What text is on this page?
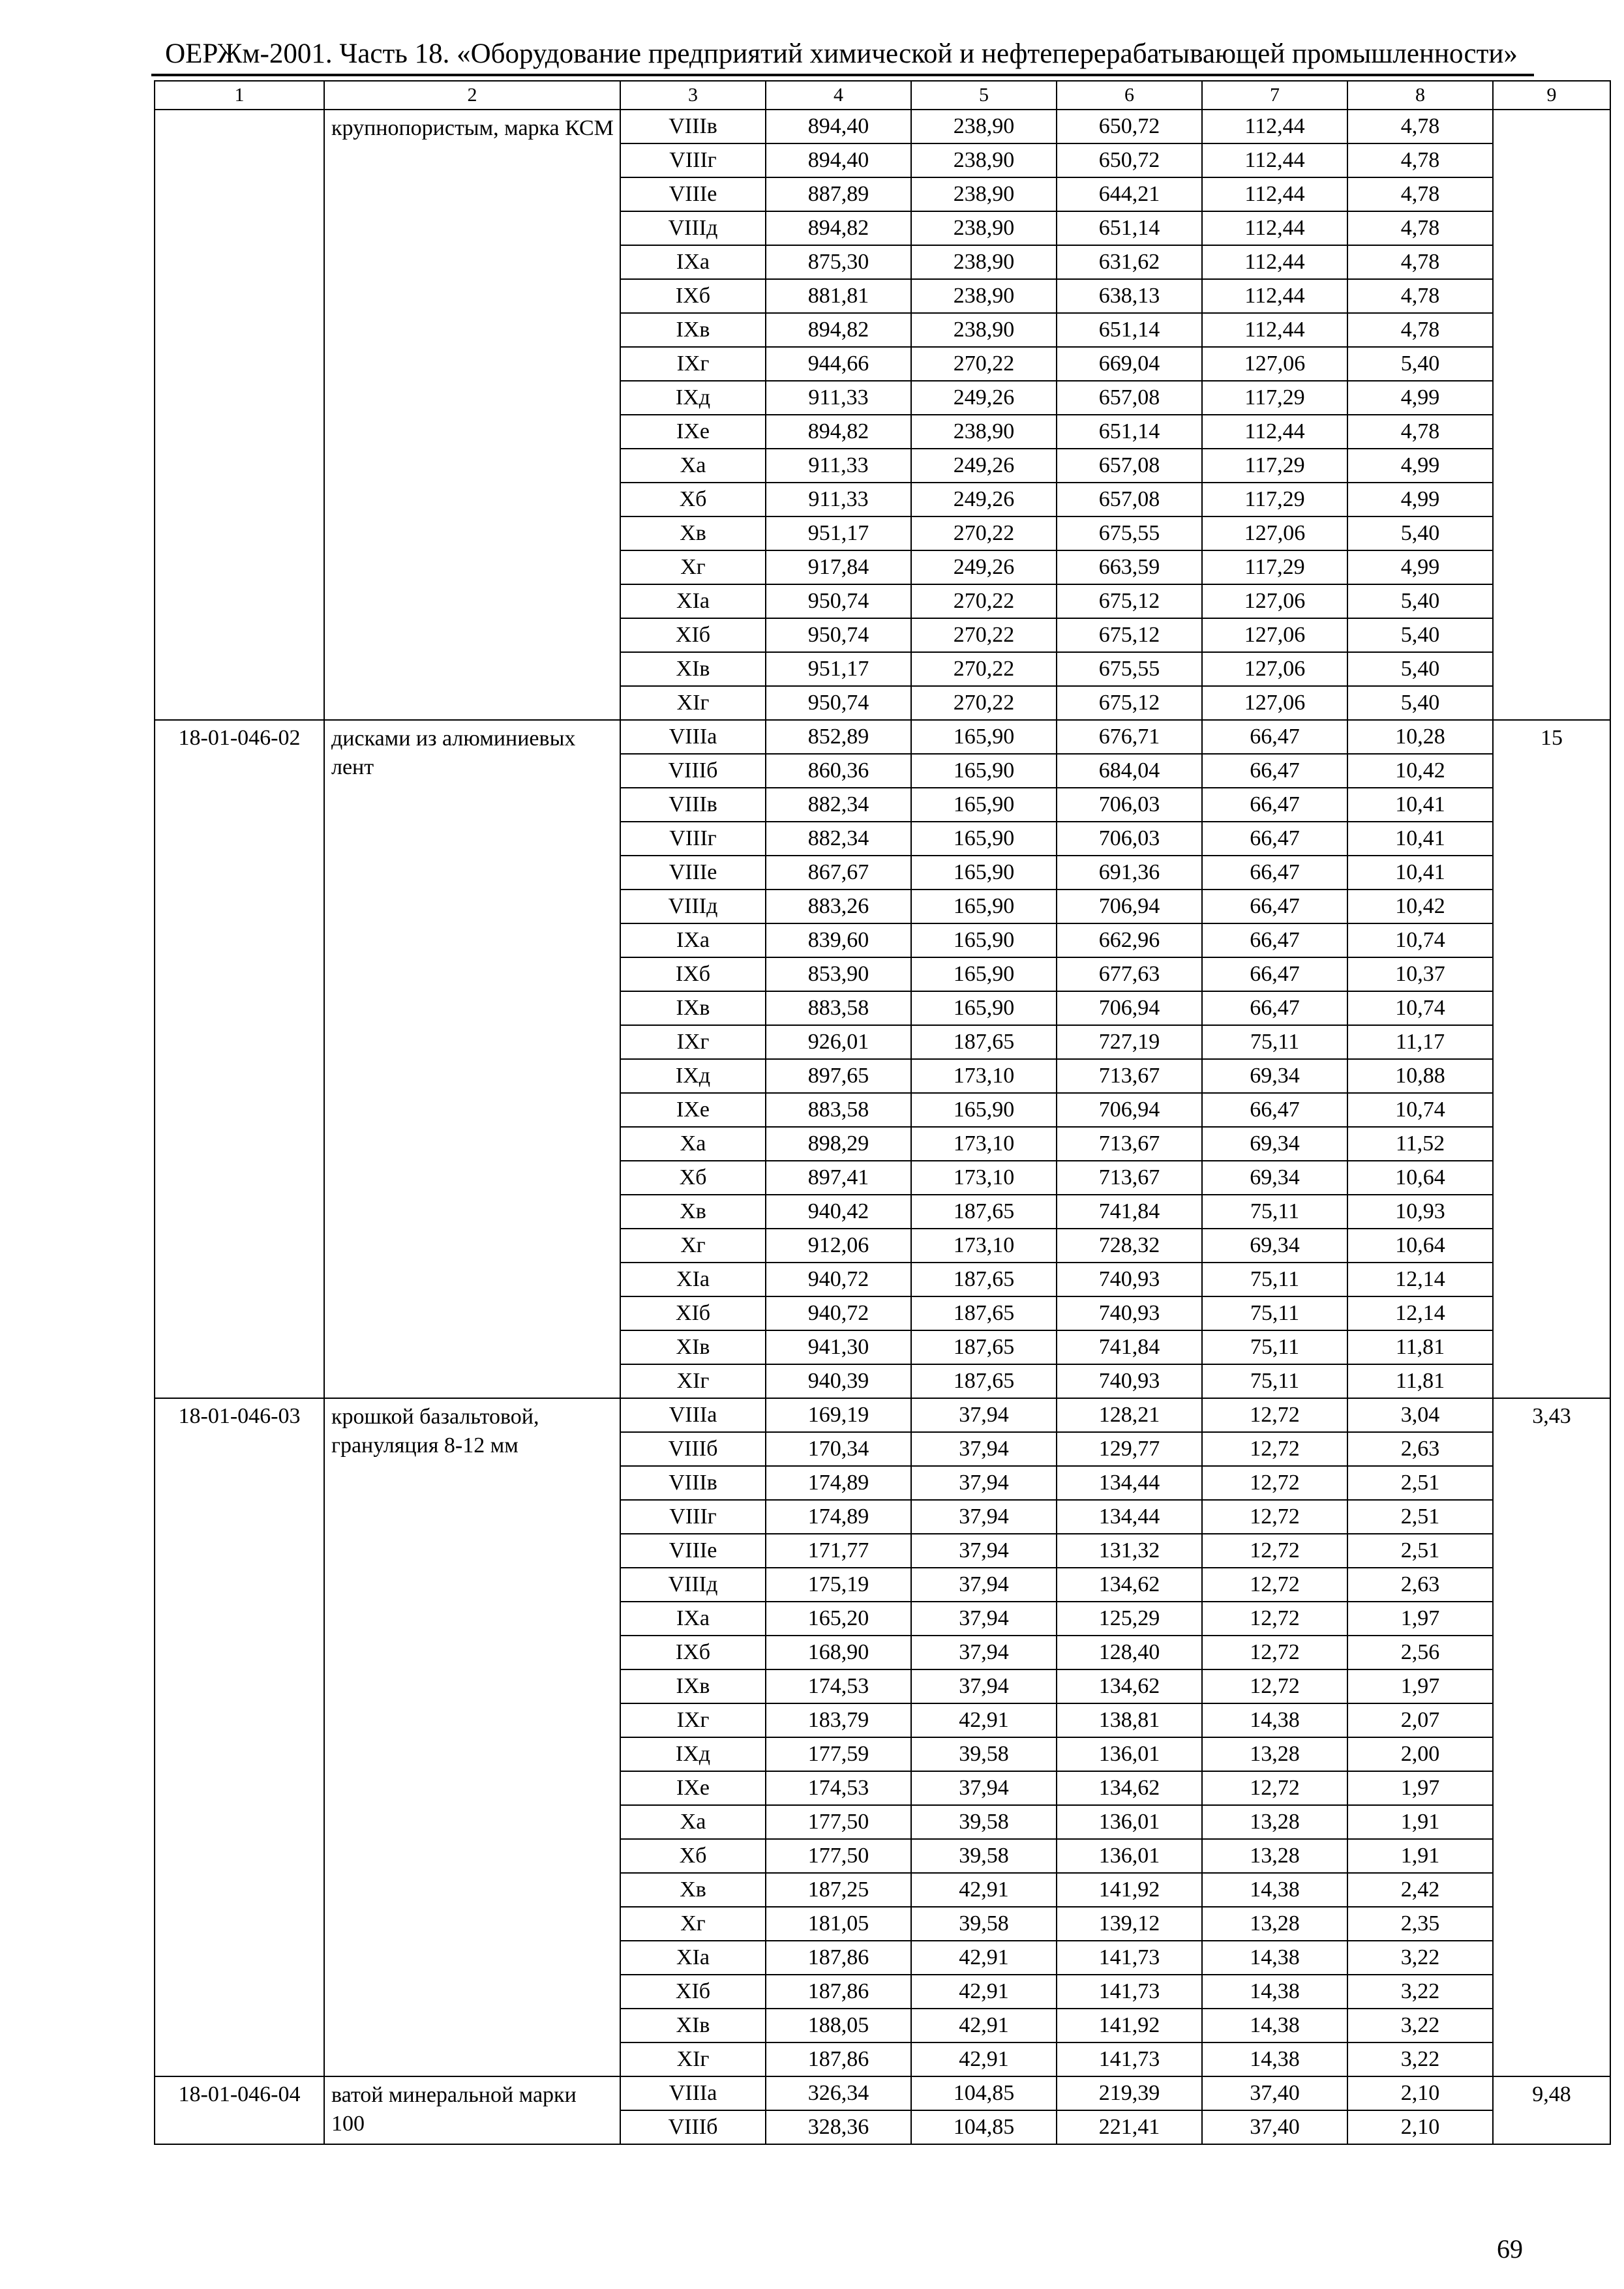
ОЕРЖм-2001. Часть 18. «Оборудование предприятий химической и нефтеперерабатывающей промышленности»
1	2	3	4	5	6	7	8	9
	крупнопористым, марка КСМ	VIIIв	894,40	238,90	650,72	112,44	4,78	
		VIIIг	894,40	238,90	650,72	112,44	4,78	
		VIIIе	887,89	238,90	644,21	112,44	4,78	
		VIIIд	894,82	238,90	651,14	112,44	4,78	
		IXа	875,30	238,90	631,62	112,44	4,78	
		IXб	881,81	238,90	638,13	112,44	4,78	
		IXв	894,82	238,90	651,14	112,44	4,78	
		IXг	944,66	270,22	669,04	127,06	5,40	
		IXд	911,33	249,26	657,08	117,29	4,99	
		IXе	894,82	238,90	651,14	112,44	4,78	
		Xа	911,33	249,26	657,08	117,29	4,99	
		Xб	911,33	249,26	657,08	117,29	4,99	
		Xв	951,17	270,22	675,55	127,06	5,40	
		Xг	917,84	249,26	663,59	117,29	4,99	
		XIа	950,74	270,22	675,12	127,06	5,40	
		XIб	950,74	270,22	675,12	127,06	5,40	
		XIв	951,17	270,22	675,55	127,06	5,40	
		XIг	950,74	270,22	675,12	127,06	5,40	
18-01-046-02	дисками из алюминиевых лент	VIIIа	852,89	165,90	676,71	66,47	10,28	15
		VIIIб	860,36	165,90	684,04	66,47	10,42	
		VIIIв	882,34	165,90	706,03	66,47	10,41	
		VIIIг	882,34	165,90	706,03	66,47	10,41	
		VIIIе	867,67	165,90	691,36	66,47	10,41	
		VIIIд	883,26	165,90	706,94	66,47	10,42	
		IXа	839,60	165,90	662,96	66,47	10,74	
		IXб	853,90	165,90	677,63	66,47	10,37	
		IXв	883,58	165,90	706,94	66,47	10,74	
		IXг	926,01	187,65	727,19	75,11	11,17	
		IXд	897,65	173,10	713,67	69,34	10,88	
		IXе	883,58	165,90	706,94	66,47	10,74	
		Xа	898,29	173,10	713,67	69,34	11,52	
		Xб	897,41	173,10	713,67	69,34	10,64	
		Xв	940,42	187,65	741,84	75,11	10,93	
		Xг	912,06	173,10	728,32	69,34	10,64	
		XIа	940,72	187,65	740,93	75,11	12,14	
		XIб	940,72	187,65	740,93	75,11	12,14	
		XIв	941,30	187,65	741,84	75,11	11,81	
		XIг	940,39	187,65	740,93	75,11	11,81	
18-01-046-03	крошкой базальтовой, грануляция 8-12 мм	VIIIа	169,19	37,94	128,21	12,72	3,04	3,43
		VIIIб	170,34	37,94	129,77	12,72	2,63	
		VIIIв	174,89	37,94	134,44	12,72	2,51	
		VIIIг	174,89	37,94	134,44	12,72	2,51	
		VIIIе	171,77	37,94	131,32	12,72	2,51	
		VIIIд	175,19	37,94	134,62	12,72	2,63	
		IXа	165,20	37,94	125,29	12,72	1,97	
		IXб	168,90	37,94	128,40	12,72	2,56	
		IXв	174,53	37,94	134,62	12,72	1,97	
		IXг	183,79	42,91	138,81	14,38	2,07	
		IXд	177,59	39,58	136,01	13,28	2,00	
		IXе	174,53	37,94	134,62	12,72	1,97	
		Xа	177,50	39,58	136,01	13,28	1,91	
		Xб	177,50	39,58	136,01	13,28	1,91	
		Xв	187,25	42,91	141,92	14,38	2,42	
		Xг	181,05	39,58	139,12	13,28	2,35	
		XIа	187,86	42,91	141,73	14,38	3,22	
		XIб	187,86	42,91	141,73	14,38	3,22	
		XIв	188,05	42,91	141,92	14,38	3,22	
		XIг	187,86	42,91	141,73	14,38	3,22	
18-01-046-04	ватой минеральной марки 100	VIIIа	326,34	104,85	219,39	37,40	2,10	9,48
		VIIIб	328,36	104,85	221,41	37,40	2,10	
69
